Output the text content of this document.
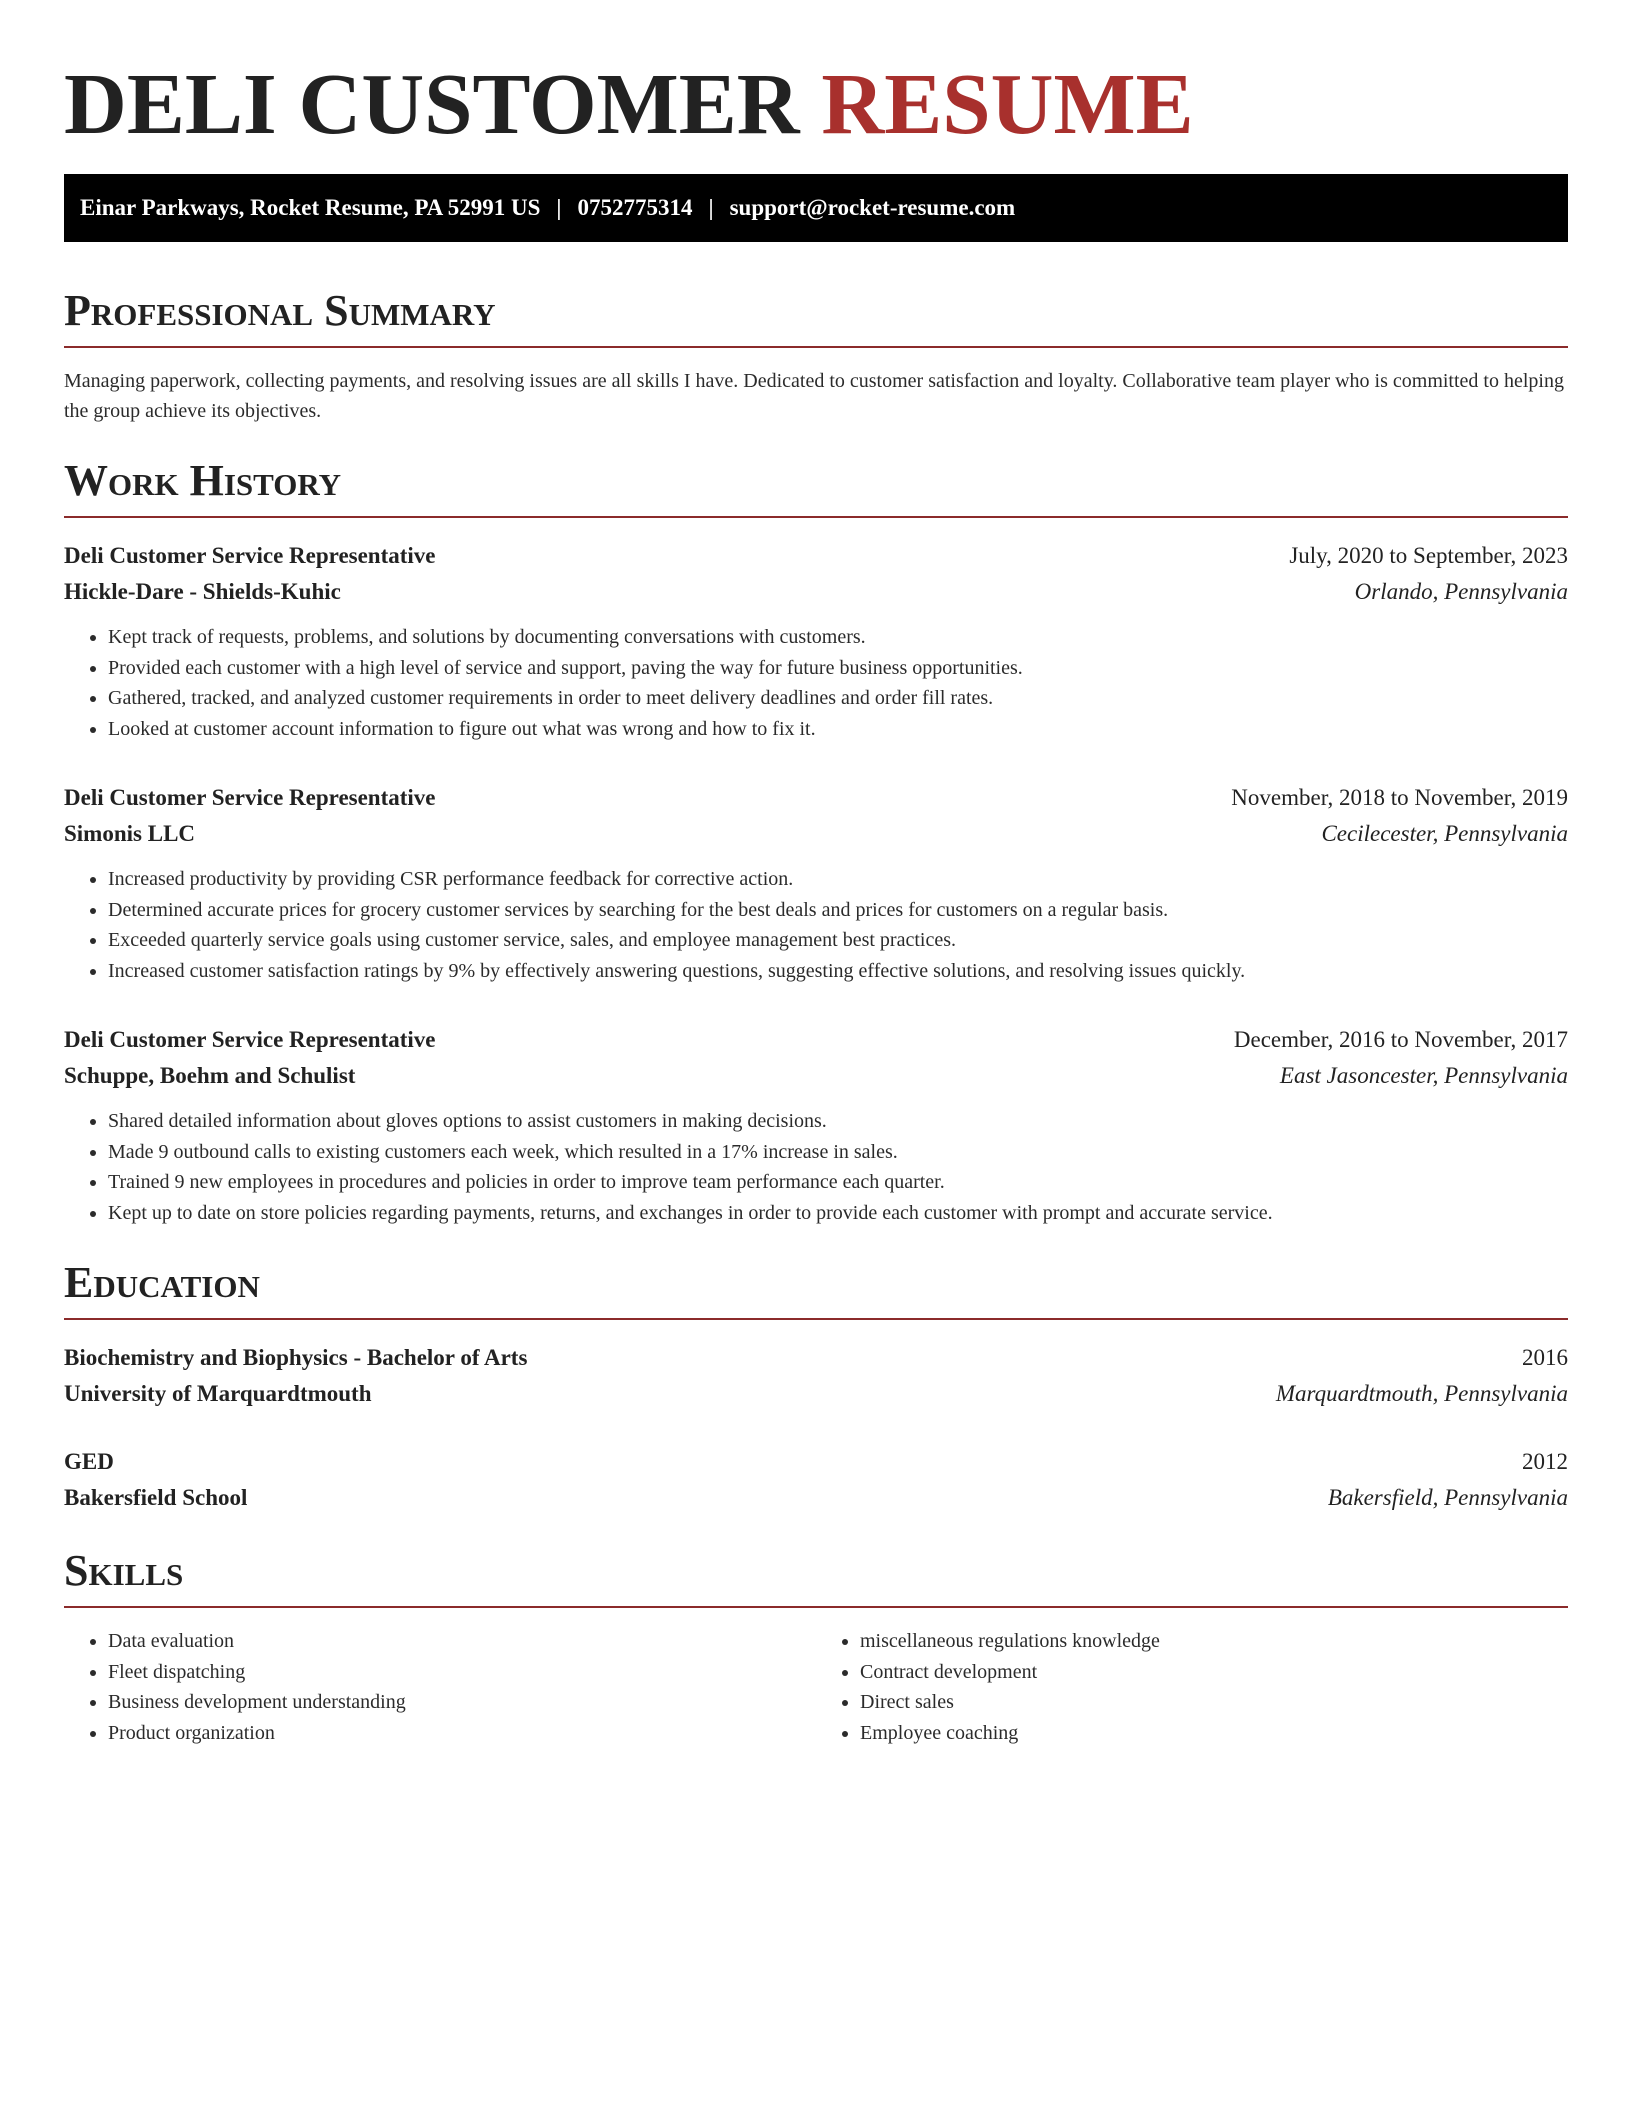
DELI CUSTOMER RESUME
Einar Parkways, Rocket Resume, PA 52991 US | 0752775314 | support@rocket-resume.com
Professional Summary

Managing paperwork, collecting payments, and resolving issues are all skills I have. Dedicated to customer satisfaction and loyalty. Collaborative team player who is committed to helping the group achieve its objectives.

Work History
Deli Customer Service Representative	July, 2020 to September, 2023
Hickle-Dare - Shields-Kuhic	Orlando, Pennsylvania
• Kept track of requests, problems, and solutions by documenting conversations with customers.
• Provided each customer with a high level of service and support, paving the way for future business opportunities.
• Gathered, tracked, and analyzed customer requirements in order to meet delivery deadlines and order fill rates.
• Looked at customer account information to figure out what was wrong and how to fix it.
Deli Customer Service Representative	November, 2018 to November, 2019
Simonis LLC	Cecilecester, Pennsylvania
• Increased productivity by providing CSR performance feedback for corrective action.
• Determined accurate prices for grocery customer services by searching for the best deals and prices for customers on a regular basis.
• Exceeded quarterly service goals using customer service, sales, and employee management best practices.
• Increased customer satisfaction ratings by 9% by effectively answering questions, suggesting effective solutions, and resolving issues quickly.
Deli Customer Service Representative	December, 2016 to November, 2017
Schuppe, Boehm and Schulist	East Jasoncester, Pennsylvania
• Shared detailed information about gloves options to assist customers in making decisions.
• Made 9 outbound calls to existing customers each week, which resulted in a 17% increase in sales.
• Trained 9 new employees in procedures and policies in order to improve team performance each quarter.
• Kept up to date on store policies regarding payments, returns, and exchanges in order to provide each customer with prompt and accurate service.
Education
Biochemistry and Biophysics - Bachelor of Arts	2016
University of Marquardtmouth	Marquardtmouth, Pennsylvania
GED	2012
Bakersfield School	Bakersfield, Pennsylvania
Skills
• Data evaluation
• Fleet dispatching
• Business development understanding
• Product organization
• miscellaneous regulations knowledge
• Contract development
• Direct sales
• Employee coaching
